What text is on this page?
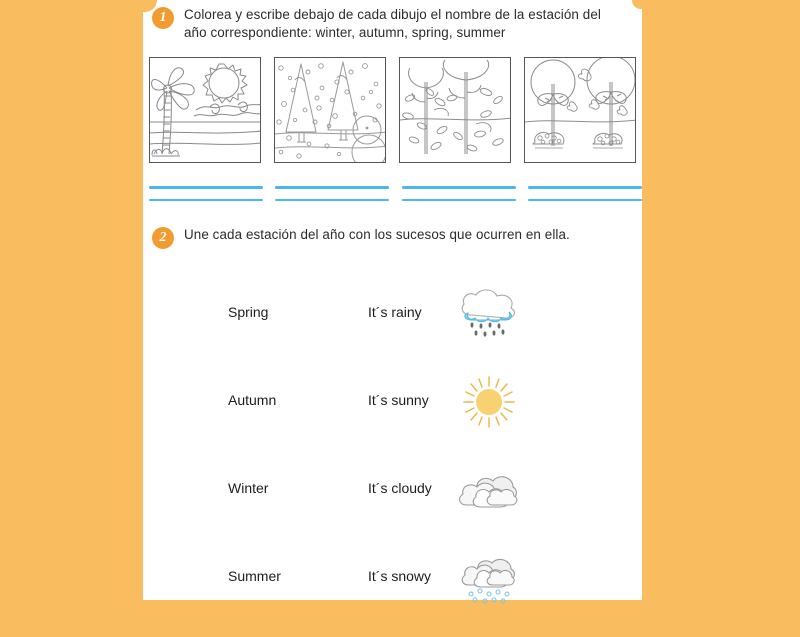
1	Colorea y escribe debajo de cada dibujo el nombre de la estación del año correspondiente: winter, autumn, spring, summer
2	Une cada estación del año con los sucesos que ocurren en ella.
Spring	It´s rainy
Autumn	It´s sunny
Winter	It´s cloudy
Summer	It´s snowy
